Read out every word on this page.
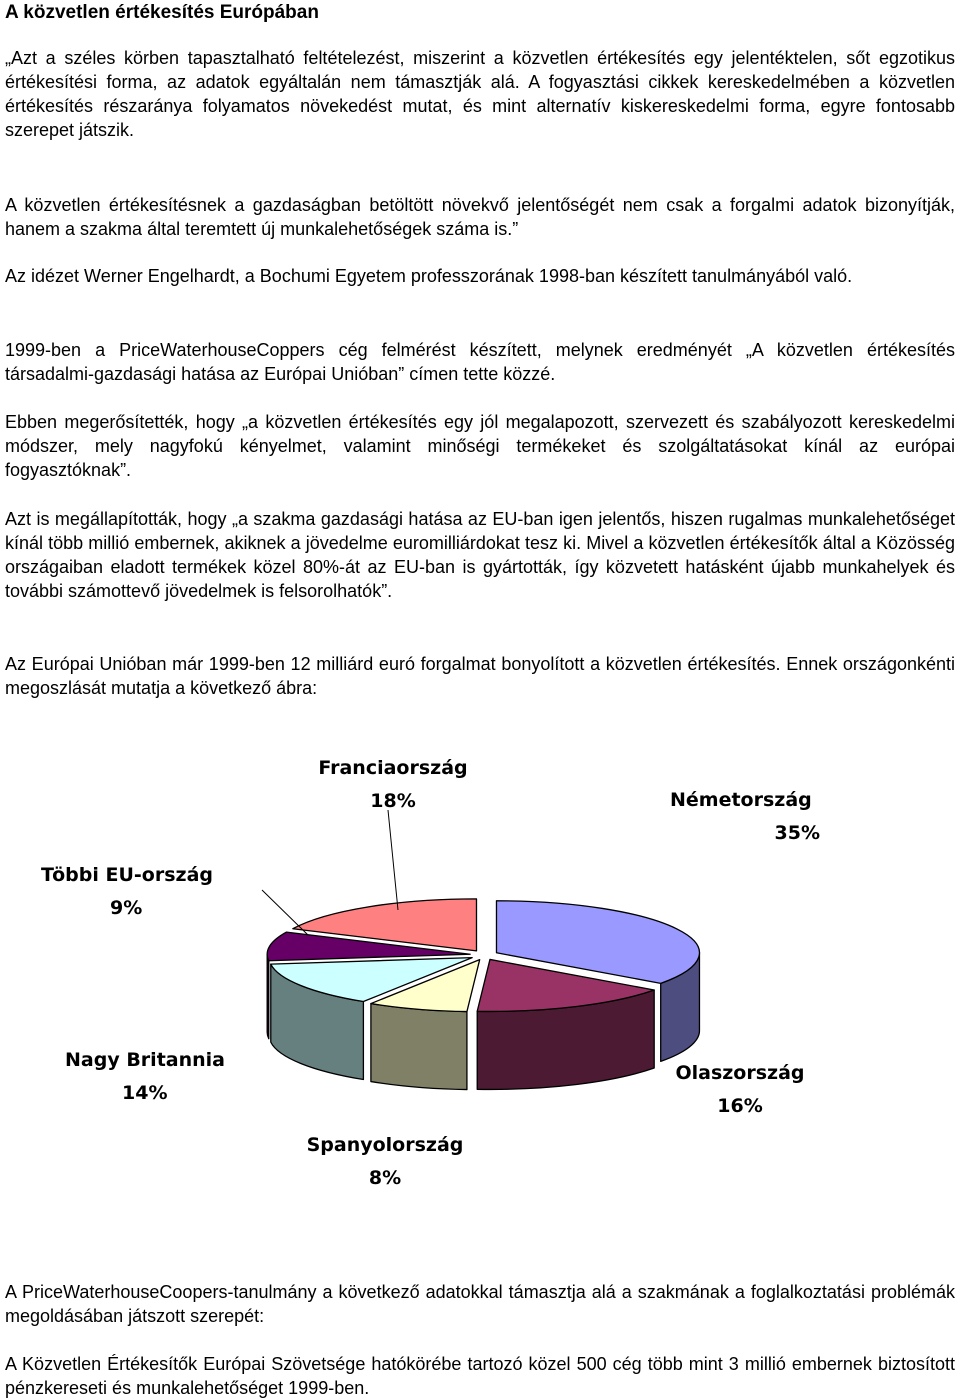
A közvetlen értékesítés Európában

„Azt a széles körben tapasztalható feltételezést, miszerint a közvetlen értékesítés egy jelentéktelen, sőt egzotikus értékesítési forma, az adatok egyáltalán nem támasztják alá. A fogyasztási cikkek kereskedelmében a közvetlen értékesítés részaránya folyamatos növekedést mutat, és mint alternatív kiskereskedelmi forma, egyre fontosabb szerepet játszik.

A közvetlen értékesítésnek a gazdaságban betöltött növekvő jelentőségét nem csak a forgalmi adatok bizonyítják, hanem a szakma által teremtett új munkalehetőségek száma is.”

Az idézet Werner Engelhardt, a Bochumi Egyetem professzorának 1998-ban készített tanulmányából való.

1999-ben a PriceWaterhouseCoppers cég felmérést készített, melynek eredményét „A közvetlen értékesítés társadalmi-gazdasági hatása az Európai Unióban” címen tette közzé.

Ebben megerősítették, hogy „a közvetlen értékesítés egy jól megalapozott, szervezett és szabályozott kereskedelmi módszer, mely nagyfokú kényelmet, valamint minőségi termékeket és szolgáltatásokat kínál az európai fogyasztóknak”.

Azt is megállapították, hogy „a szakma gazdasági hatása az EU-ban igen jelentős, hiszen rugalmas munkalehetőséget kínál több millió embernek, akiknek a jövedelme euromilliárdokat tesz ki. Mivel a közvetlen értékesítők által a Közösség országaiban eladott termékek közel 80%-át az EU-ban is gyártották, így közvetett hatásként újabb munkahelyek és további számottevő jövedelmek is felsorolhatók”.

Az Európai Unióban már 1999-ben 12 milliárd euró forgalmat bonyolított a közvetlen értékesítés. Ennek országonkénti megoszlását mutatja a következő ábra:

Franciaország
18%	Németország
35%
Többi EU-ország
9%
Nagy Britannia
14%
Olaszország
16%
Spanyolország
8%

A PriceWaterhouseCoopers-tanulmány a következő adatokkal támasztja alá a szakmának a foglalkoztatási problémák megoldásában játszott szerepét:

A Közvetlen Értékesítők Európai Szövetsége hatókörébe tartozó közel 500 cég több mint 3 millió embernek biztosított pénzkereseti és munkalehetőséget 1999-ben.
